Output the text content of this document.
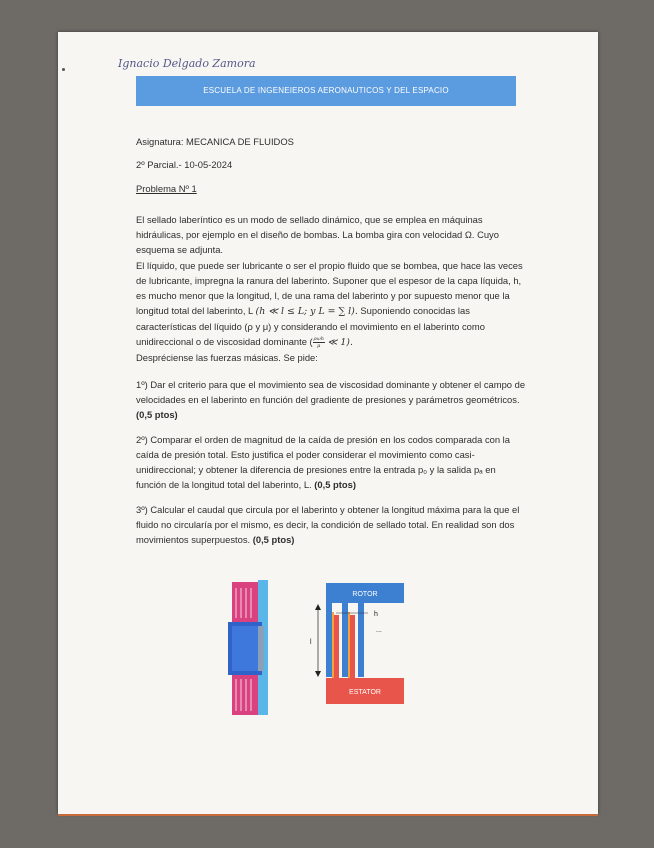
Ignacio Delgado Zamora
ESCUELA DE INGENEIEROS AERONAUTICOS Y DEL ESPACIO
Asignatura: MECANICA DE FLUIDOS
2º Parcial.- 10-05-2024
Problema Nº 1
El sellado laberíntico es un modo de sellado dinámico, que se emplea en máquinas hidráulicas, por ejemplo en el diseño de bombas. La bomba gira con velocidad Ω. Cuyo esquema se adjunta.
El líquido, que puede ser lubricante o ser el propio fluido que se bombea, que hace las veces de lubricante, impregna la ranura del laberinto. Suponer que el espesor de la capa líquida, h, es mucho menor que la longitud, l, de una rama del laberinto y por supuesto menor que la longitud total del laberinto, L (h ≪ l ≤ L; y L = ∑ l). Suponiendo conocidas las características del líquido (ρ y μ) y considerando el movimiento en el laberinto como unidireccional o de viscosidad dominante ( $\frac{\text{ρωh}}{\mu}$ ≪ 1).
Despréciense las fuerzas másicas. Se pide:
1º) Dar el criterio para que el movimiento sea de viscosidad dominante y obtener el campo de velocidades en el laberinto en función del gradiente de presiones y parámetros geométricos. (0,5 ptos)
2º) Comparar el orden de magnitud de la caída de presión en los codos comparada con la caída de presión total. Esto justifica el poder considerar el movimiento como casi-unidireccional; y obtener la diferencia de presiones entre la entrada p₀ y la salida pₐ en función de la longitud total del laberinto, L. (0,5 ptos)
3º) Calcular el caudal que circula por el laberinto y obtener la longitud máxima para la que el fluido no circularía por el mismo, es decir, la condición de sellado total. En realidad son dos movimientos superpuestos. (0,5 ptos)
ROTOR
ESTATOR
h
...
l
